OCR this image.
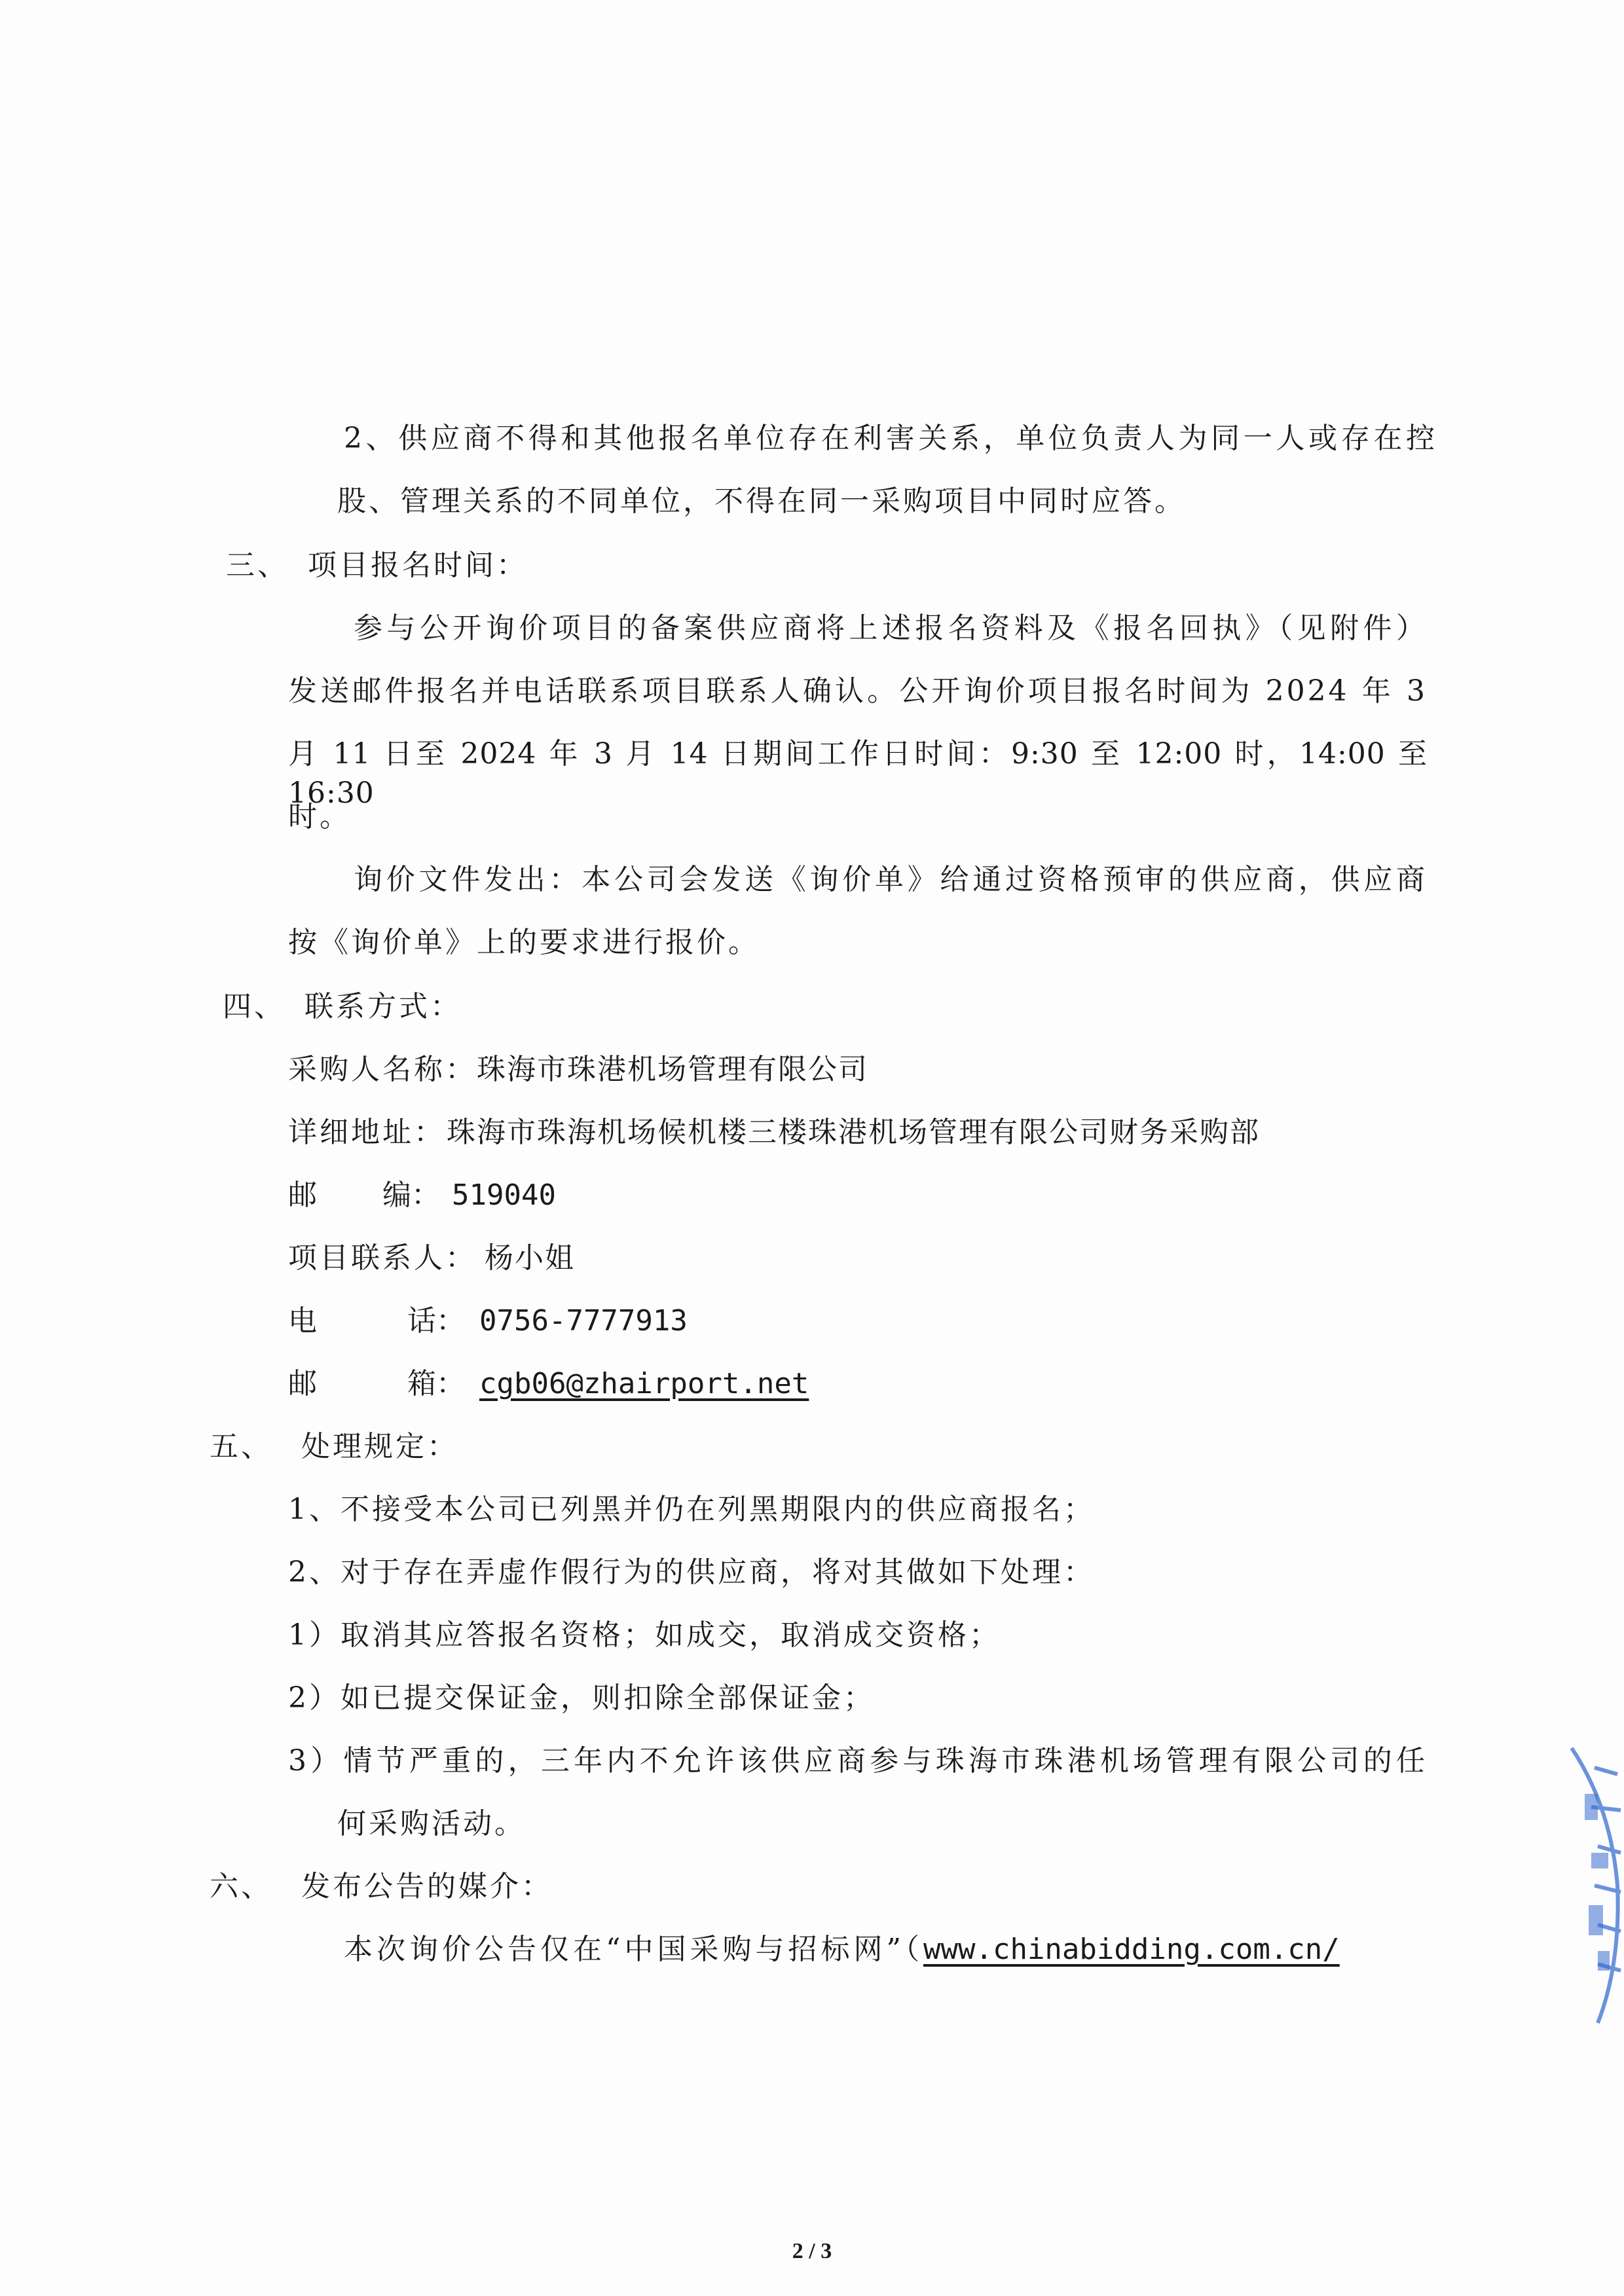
2、供应商不得和其他报名单位存在利害关系，单位负责人为同一人或存在控
股、管理关系的不同单位，不得在同一采购项目中同时应答。
三、 项目报名时间：
参与公开询价项目的备案供应商将上述报名资料及《报名回执》（见附件）
发送邮件报名并电话联系项目联系人确认。公开询价项目报名时间为 2024 年 3
月 11 日至 2024 年 3 月 14 日期间工作日时间：9:30 至 12:00 时，14:00 至 16:30
时。
询价文件发出：本公司会发送《询价单》给通过资格预审的供应商，供应商
按《询价单》上的要求进行报价。
四、 联系方式：
采购人名称： 珠海市珠港机场管理有限公司
详细地址： 珠海市珠海机场候机楼三楼珠港机场管理有限公司财务采购部
邮 编： 519040
项目联系人： 杨小姐
电	话： 0756-7777913
邮	箱： cgb06@zhairport.net
五、 处理规定：
1、不接受本公司已列黑并仍在列黑期限内的供应商报名；
2、对于存在弄虚作假行为的供应商，将对其做如下处理：
1）取消其应答报名资格；如成交，取消成交资格；
2）如已提交保证金，则扣除全部保证金；
3）情节严重的，三年内不允许该供应商参与珠海市珠港机场管理有限公司的任
何采购活动。
六、 发布公告的媒介：
本次询价公告仅在“中国采购与招标网”（www.chinabidding.com.cn/
2 / 3
